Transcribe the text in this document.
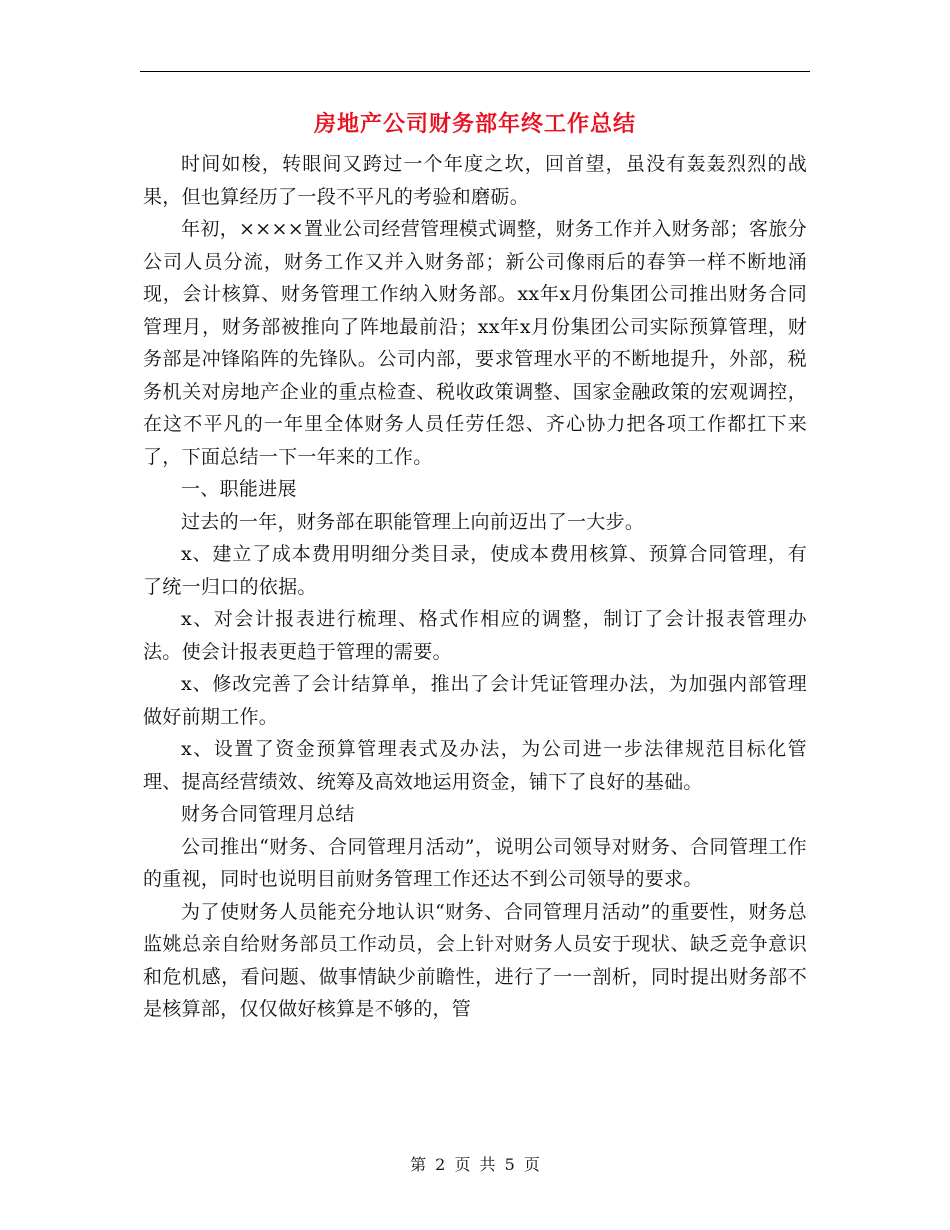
房地产公司财务部年终工作总结

时间如梭，转眼间又跨过一个年度之坎，回首望，虽没有轰轰烈烈的战果，但也算经历了一段不平凡的考验和磨砺。

年初，××××置业公司经营管理模式调整，财务工作并入财务部；客旅分公司人员分流，财务工作又并入财务部；新公司像雨后的春笋一样不断地涌现，会计核算、财务管理工作纳入财务部。xx年x月份集团公司推出财务合同管理月，财务部被推向了阵地最前沿；xx年x月份集团公司实际预算管理，财务部是冲锋陷阵的先锋队。公司内部，要求管理水平的不断地提升，外部，税务机关对房地产企业的重点检查、税收政策调整、国家金融政策的宏观调控，在这不平凡的一年里全体财务人员任劳任怨、齐心协力把各项工作都扛下来了，下面总结一下一年来的工作。

一、职能进展

过去的一年，财务部在职能管理上向前迈出了一大步。

x、建立了成本费用明细分类目录，使成本费用核算、预算合同管理，有了统一归口的依据。

x、对会计报表进行梳理、格式作相应的调整，制订了会计报表管理办法。使会计报表更趋于管理的需要。

x、修改完善了会计结算单，推出了会计凭证管理办法，为加强内部管理做好前期工作。

x、设置了资金预算管理表式及办法，为公司进一步法律规范目标化管理、提高经营绩效、统筹及高效地运用资金，铺下了良好的基础。

财务合同管理月总结

公司推出“财务、合同管理月活动”，说明公司领导对财务、合同管理工作的重视，同时也说明目前财务管理工作还达不到公司领导的要求。

为了使财务人员能充分地认识“财务、合同管理月活动”的重要性，财务总监姚总亲自给财务部员工作动员，会上针对财务人员安于现状、缺乏竞争意识和危机感，看问题、做事情缺少前瞻性，进行了一一剖析，同时提出财务部不是核算部，仅仅做好核算是不够的，管

第 2 页 共 5 页
